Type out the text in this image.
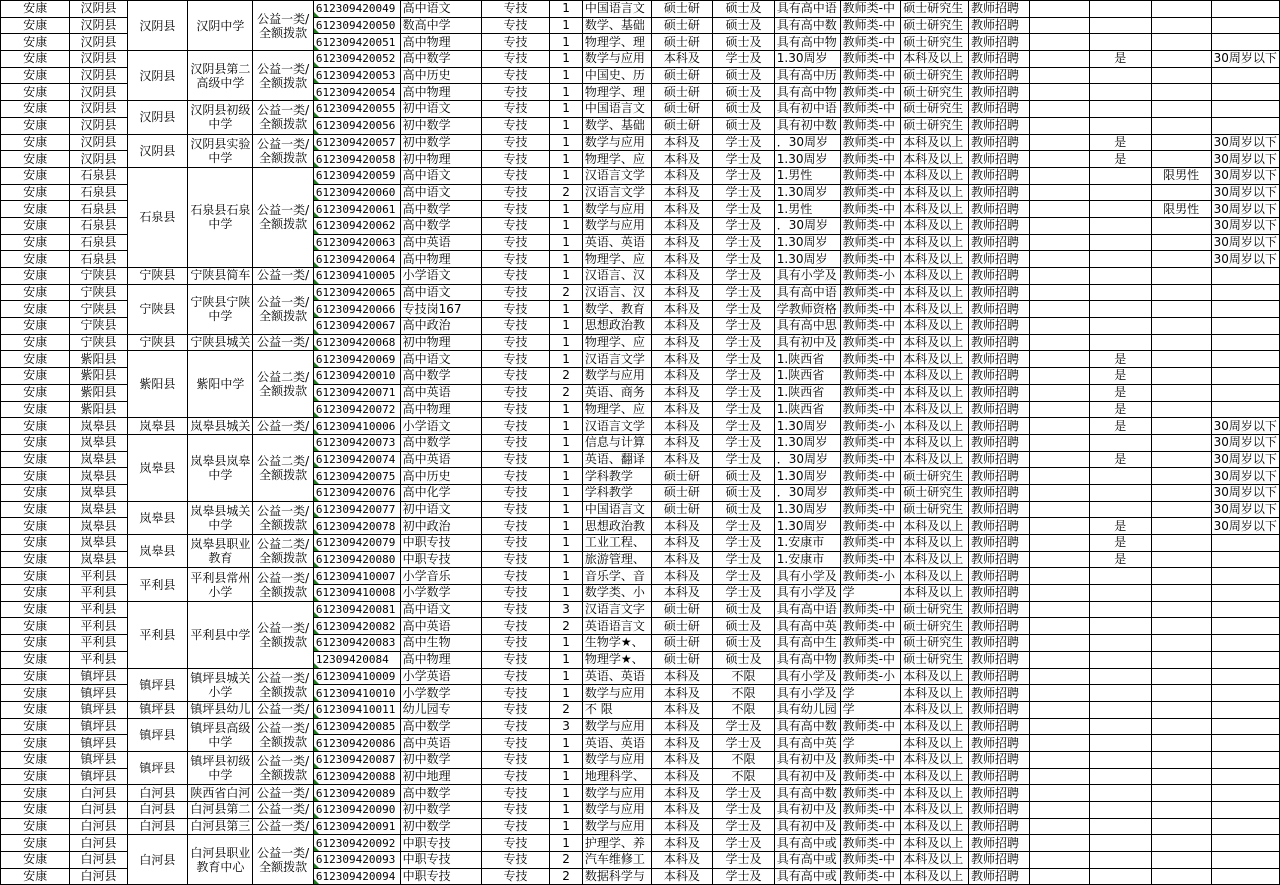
安康	汉阴县	汉阴县	汉阴中学	公益一类/全额拨款	612309420049	高中语文	专技	1	中国语言文	硕士研	硕士及	具有高中语	教师类-中	硕士研究生	教师招聘				
安康	汉阴县				612309420050	数高中学	专技	1	数学、基础	硕士研	硕士及	具有高中数	教师类-中	硕士研究生	教师招聘				
安康	汉阴县				612309420051	高中物理	专技	1	物理学、理	硕士研	硕士及	具有高中物	教师类-中	硕士研究生	教师招聘				
安康	汉阴县	汉阴县	汉阴县第二高级中学	公益一类/全额拨款	612309420052	高中数学	专技	1	数学与应用	本科及	学士及	1.30周岁	教师类-中	本科及以上	教师招聘		是		30周岁以下
安康	汉阴县				612309420053	高中历史	专技	1	中国史、历	硕士研	硕士及	具有高中历	教师类-中	硕士研究生	教师招聘				
安康	汉阴县				612309420054	高中物理	专技	1	物理学、理	硕士研	硕士及	具有高中物	教师类-中	硕士研究生	教师招聘				
安康	汉阴县	汉阴县	汉阴县初级中学	公益一类/全额拨款	612309420055	初中语文	专技	1	中国语言文	硕士研	硕士及	具有初中语	教师类-中	硕士研究生	教师招聘				
安康	汉阴县				612309420056	初中数学	专技	1	数学、基础	硕士研	硕士及	具有初中数	教师类-中	硕士研究生	教师招聘				
安康	汉阴县	汉阴县	汉阴县实验中学	公益一类/全额拨款	612309420057	初中数学	专技	1	数学与应用	本科及	学士及	．30周岁	教师类-中	本科及以上	教师招聘		是		30周岁以下
安康	汉阴县				612309420058	初中物理	专技	1	物理学、应	本科及	学士及	1.30周岁	教师类-中	本科及以上	教师招聘		是		30周岁以下
安康	石泉县	石泉县	石泉县石泉中学	公益一类/全额拨款	612309420059	高中语文	专技	1	汉语言文学	本科及	学士及	1.男性	教师类-中	本科及以上	教师招聘			限男性	30周岁以下
安康	石泉县				612309420060	高中语文	专技	2	汉语言文学	本科及	学士及	1.30周岁	教师类-中	本科及以上	教师招聘				30周岁以下
安康	石泉县				612309420061	高中数学	专技	1	数学与应用	本科及	学士及	1.男性	教师类-中	本科及以上	教师招聘			限男性	30周岁以下
安康	石泉县				612309420062	高中数学	专技	1	数学与应用	本科及	学士及	．30周岁	教师类-中	本科及以上	教师招聘				30周岁以下
安康	石泉县				612309420063	高中英语	专技	1	英语、英语	本科及	学士及	1.30周岁	教师类-中	本科及以上	教师招聘				30周岁以下
安康	石泉县				612309420064	高中物理	专技	1	物理学、应	本科及	学士及	1.30周岁	教师类-中	本科及以上	教师招聘				30周岁以下
安康	宁陕县	宁陕县	宁陕县简车	公益一类/	612309410005	小学语文	专技	1	汉语言、汉	本科及	学士及	具有小学及	教师类-小	本科及以上	教师招聘				
安康	宁陕县	宁陕县	宁陕县宁陕中学	公益一类/全额拨款	612309420065	高中语文	专技	2	汉语言、汉	本科及	学士及	具有高中语	教师类-中	本科及以上	教师招聘				
安康	宁陕县				612309420066	专技岗167	专技	1	数学、教育	本科及	学士及	学教师资格	教师类-中	本科及以上	教师招聘				
安康	宁陕县				612309420067	高中政治	专技	1	思想政治教	本科及	学士及	具有高中思	教师类-中	本科及以上	教师招聘				
安康	宁陕县	宁陕县	宁陕县城关	公益一类/	612309420068	初中物理	专技	1	物理学、应	本科及	学士及	具有初中及	教师类-中	本科及以上	教师招聘				
安康	紫阳县	紫阳县	紫阳中学	公益二类/全额拨款	612309420069	高中语文	专技	1	汉语言文学	本科及	学士及	1.陕西省	教师类-中	本科及以上	教师招聘		是		
安康	紫阳县				612309420010	高中数学	专技	2	数学与应用	本科及	学士及	1.陕西省	教师类-中	本科及以上	教师招聘		是		
安康	紫阳县				612309420071	高中英语	专技	2	英语、商务	本科及	学士及	1.陕西省	教师类-中	本科及以上	教师招聘		是		
安康	紫阳县				612309420072	高中物理	专技	1	物理学、应	本科及	学士及	1.陕西省	教师类-中	本科及以上	教师招聘		是		
安康	岚皋县	岚皋县	岚皋县城关	公益一类/	612309410006	小学语文	专技	1	汉语言文学	本科及	学士及	1.30周岁	教师类-小	本科及以上	教师招聘		是		30周岁以下
安康	岚皋县	岚皋县	岚皋县岚皋中学	公益二类/全额拨款	612309420073	高中数学	专技	1	信息与计算	本科及	学士及	1.30周岁	教师类-中	本科及以上	教师招聘				30周岁以下
安康	岚皋县				612309420074	高中英语	专技	1	英语、翻译	本科及	学士及	．30周岁	教师类-中	本科及以上	教师招聘		是		30周岁以下
安康	岚皋县				612309420075	高中历史	专技	1	学科教学	硕士研	硕士及	1.30周岁	教师类-中	硕士研究生	教师招聘				30周岁以下
安康	岚皋县				612309420076	高中化学	专技	1	学科教学	硕士研	硕士及	．30周岁	教师类-中	硕士研究生	教师招聘				30周岁以下
安康	岚皋县	岚皋县	岚皋县城关中学	公益一类/全额拨款	612309420077	初中语文	专技	1	中国语言文	硕士研	硕士及	1.30周岁	教师类-中	硕士研究生	教师招聘				30周岁以下
安康	岚皋县				612309420078	初中政治	专技	1	思想政治教	本科及	学士及	1.30周岁	教师类-中	本科及以上	教师招聘		是		30周岁以下
安康	岚皋县	岚皋县	岚皋县职业教育	公益二类/全额拨款	612309420079	中职专技	专技	1	工业工程、	本科及	学士及	1.安康市	教师类-中	本科及以上	教师招聘		是		
安康	岚皋县				612309420080	中职专技	专技	1	旅游管理、	本科及	学士及	1.安康市	教师类-中	本科及以上	教师招聘		是		
安康	平利县	平利县	平利县常州小学	公益一类/全额拨款	612309410007	小学音乐	专技	1	音乐学、音	本科及	学士及	具有小学及	教师类-小	本科及以上	教师招聘				
安康	平利县				612309410008	小学数学	专技	1	数学类、小	本科及	学士及	具有小学及	学	本科及以上	教师招聘				
安康	平利县	平利县	平利县中学	公益一类/全额拨款	612309420081	高中语文	专技	3	汉语言文字	硕士研	硕士及	具有高中语	教师类-中	硕士研究生	教师招聘				
安康	平利县				612309420082	高中英语	专技	2	英语语言文	硕士研	硕士及	具有高中英	教师类-中	硕士研究生	教师招聘				
安康	平利县				612309420083	高中生物	专技	1	生物学★、	硕士研	硕士及	具有高中生	教师类-中	硕士研究生	教师招聘				
安康	平利县				12309420084	高中物理	专技	1	物理学★、	硕士研	硕士及	具有高中物	教师类-中	硕士研究生	教师招聘				
安康	镇坪县	镇坪县	镇坪县城关小学	公益一类/全额拨款	612309410009	小学英语	专技	1	英语、英语	本科及	不限	具有小学及	教师类-小	本科及以上	教师招聘				
安康	镇坪县				612309410010	小学数学	专技	1	数学与应用	本科及	不限	具有小学及	学	本科及以上	教师招聘				
安康	镇坪县	镇坪县	镇坪县幼儿	公益一类/	612309410011	幼儿园专	专技	2	不 限	本科及	不限	具有幼儿园	学	本科及以上	教师招聘				
安康	镇坪县	镇坪县	镇坪县高级中学	公益一类/全额拨款	612309420085	高中数学	专技	3	数学与应用	本科及	学士及	具有高中数	教师类-中	本科及以上	教师招聘				
安康	镇坪县				612309420086	高中英语	专技	1	英语、英语	本科及	学士及	具有高中英	学	本科及以上	教师招聘				
安康	镇坪县	镇坪县	镇坪县初级中学	公益一类/全额拨款	612309420087	初中数学	专技	1	数学与应用	本科及	不限	具有初中及	教师类-中	本科及以上	教师招聘				
安康	镇坪县				612309420088	初中地理	专技	1	地理科学、	本科及	不限	具有初中及	教师类-中	本科及以上	教师招聘				
安康	白河县	白河县	陕西省白河	公益一类/	612309420089	高中数学	专技	1	数学与应用	本科及	学士及	具有高中数	教师类-中	本科及以上	教师招聘				
安康	白河县	白河县	白河县第二	公益一类/	612309420090	初中数学	专技	1	数学与应用	本科及	学士及	具有初中及	教师类-中	本科及以上	教师招聘				
安康	白河县	白河县	白河县第三	公益一类/	612309420091	初中数学	专技	1	数学与应用	本科及	学士及	具有初中及	教师类-中	本科及以上	教师招聘				
安康	白河县	白河县	白河县职业教育中心	公益一类/全额拨款	612309420092	中职专技	专技	1	护理学、养	本科及	学士及	具有高中或	教师类-中	本科及以上	教师招聘				
安康	白河县				612309420093	中职专技	专技	2	汽车维修工	本科及	学士及	具有高中或	教师类-中	本科及以上	教师招聘				
安康	白河县				612309420094	中职专技	专技	2	数据科学与	本科及	学士及	具有高中或	教师类-中	本科及以上	教师招聘				
